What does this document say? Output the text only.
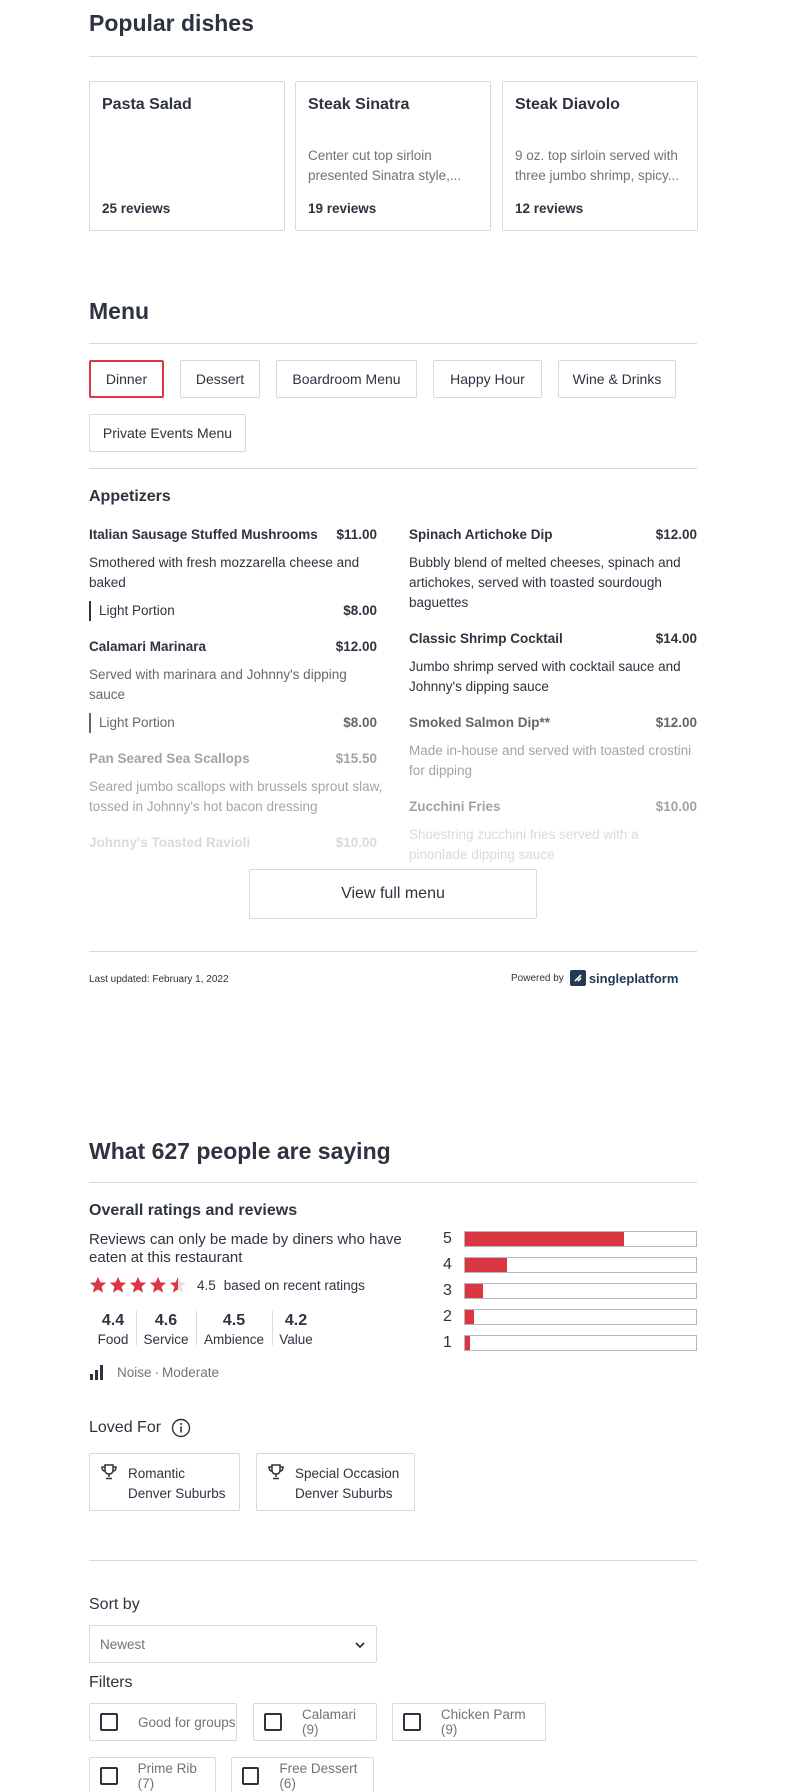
Popular dishes
Pasta Salad
25 reviews
Steak Sinatra
Center cut top sirloin presented Sinatra style,...
19 reviews
Steak Diavolo
9 oz. top sirloin served with three jumbo shrimp, spicy...
12 reviews
Menu
Dinner	Dessert	Boardroom Menu	Happy Hour	Wine & Drinks
Private Events Menu
Appetizers
Italian Sausage Stuffed Mushrooms	$11.00
Smothered with fresh mozzarella cheese and baked
Light Portion	$8.00
Calamari Marinara	$12.00
Served with marinara and Johnny's dipping sauce
Light Portion	$8.00
Pan Seared Sea Scallops	$15.50
Seared jumbo scallops with brussels sprout slaw, tossed in Johnny's hot bacon dressing
Johnny's Toasted Ravioli	$10.00
Spinach Artichoke Dip	$12.00
Bubbly blend of melted cheeses, spinach and artichokes, served with toasted sourdough baguettes
Classic Shrimp Cocktail	$14.00
Jumbo shrimp served with cocktail sauce and Johnny's dipping sauce
Smoked Salmon Dip**	$12.00
Made in-house and served with toasted crostini for dipping
Zucchini Fries	$10.00
Shoestring zucchini fries served with a pinonlade dipping sauce
View full menu
Last updated: February 1, 2022	Powered by singleplatform
What 627 people are saying
Overall ratings and reviews
Reviews can only be made by diners who have eaten at this restaurant
4.5 based on recent ratings
4.4
Food
4.6
Service
4.5
Ambience
4.2
Value
Noise · Moderate
5
4
3
2
1
Loved For
Romantic
Denver Suburbs
Special Occasion
Denver Suburbs
Sort by
Newest
Filters
Good for groups	Calamari (9)
Chicken Parm (9)
Prime Rib (7)
Free Dessert (6)
